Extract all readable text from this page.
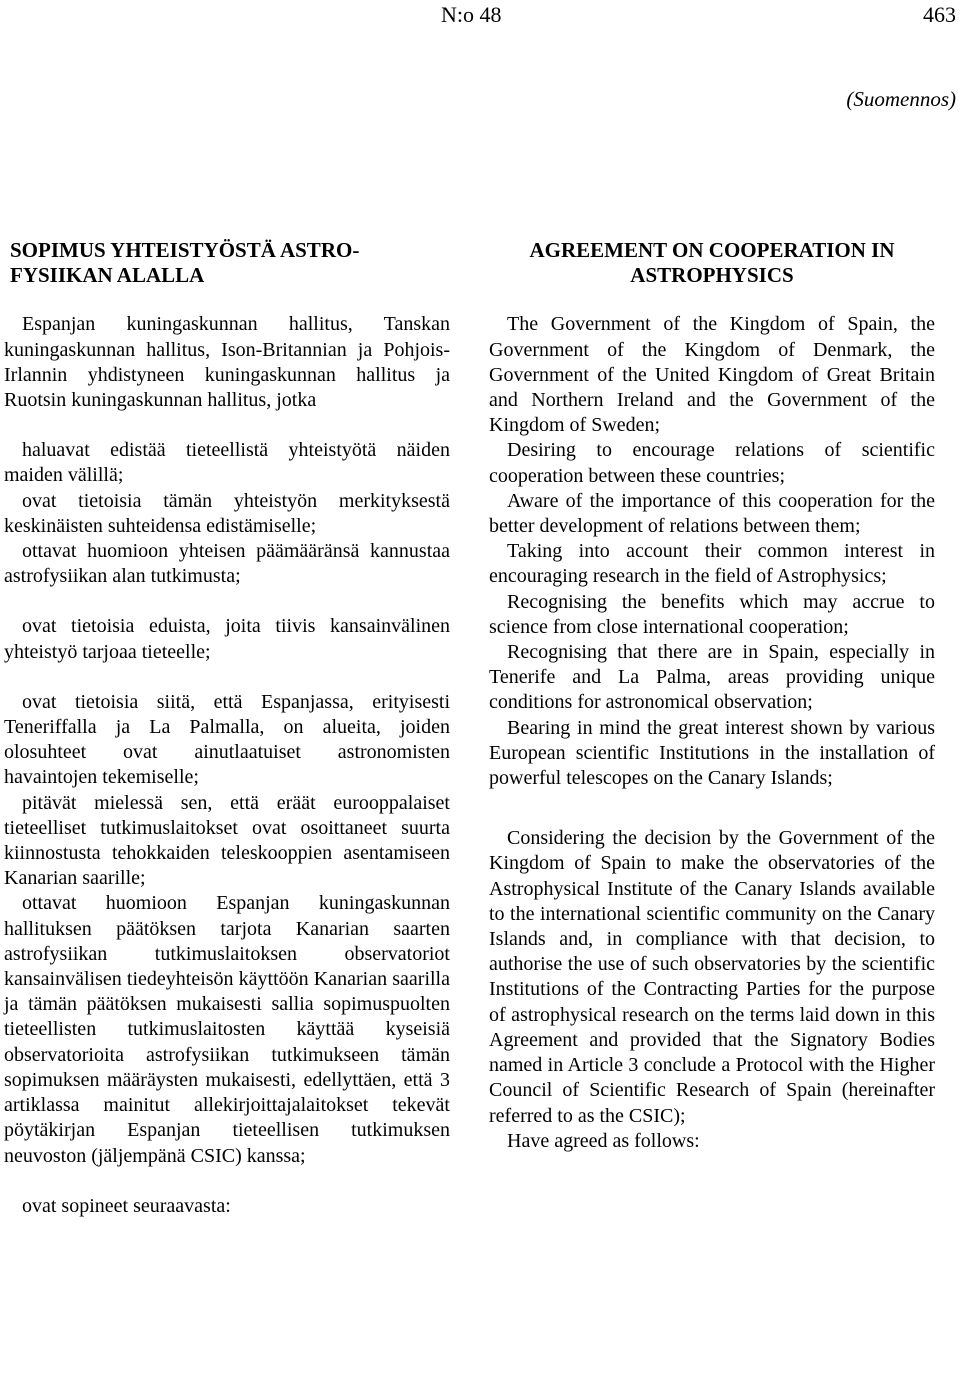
N:o 48	463
(Suomennos)
SOPIMUS YHTEISTYÖSTÄ ASTRO-FYSIIKAN ALALLA

Espanjan kuningaskunnan hallitus, Tanskan kuningaskunnan hallitus, Ison-Britannian ja Pohjois-Irlannin yhdistyneen kuningaskunnan hallitus ja Ruotsin kuningaskunnan hallitus, jotka

haluavat edistää tieteellistä yhteistyötä näiden maiden välillä;

ovat tietoisia tämän yhteistyön merkityksestä keskinäisten suhteidensa edistämiselle;

ottavat huomioon yhteisen päämääränsä kannustaa astrofysiikan alan tutkimusta;

ovat tietoisia eduista, joita tiivis kansainvälinen yhteistyö tarjoaa tieteelle;

ovat tietoisia siitä, että Espanjassa, erityisesti Teneriffalla ja La Palmalla, on alueita, joiden olosuhteet ovat ainutlaatuiset astronomisten havaintojen tekemiselle;

pitävät mielessä sen, että eräät eurooppalaiset tieteelliset tutkimuslaitokset ovat osoittaneet suurta kiinnostusta tehokkaiden teleskooppien asentamiseen Kanarian saarille;

ottavat huomioon Espanjan kuningaskunnan hallituksen päätöksen tarjota Kanarian saarten astrofysiikan tutkimuslaitoksen observatoriot kansainvälisen tiedeyhteisön käyttöön Kanarian saarilla ja tämän päätöksen mukaisesti sallia sopimuspuolten tieteellisten tutkimuslaitosten käyttää kyseisiä observatorioita astrofysiikan tutkimukseen tämän sopimuksen määräysten mukaisesti, edellyttäen, että 3 artiklassa mainitut allekirjoittajalaitokset tekevät pöytäkirjan Espanjan tieteellisen tutkimuksen neuvoston (jäljempänä CSIC) kanssa;

ovat sopineet seuraavasta:

AGREEMENT ON COOPERATION IN ASTROPHYSICS

The Government of the Kingdom of Spain, the Government of the Kingdom of Denmark, the Government of the United Kingdom of Great Britain and Northern Ireland and the Government of the Kingdom of Sweden;

Desiring to encourage relations of scientific cooperation between these countries;

Aware of the importance of this cooperation for the better development of relations between them;

Taking into account their common interest in encouraging research in the field of Astrophysics;

Recognising the benefits which may accrue to science from close international cooperation;

Recognising that there are in Spain, especially in Tenerife and La Palma, areas providing unique conditions for astronomical observation;

Bearing in mind the great interest shown by various European scientific Institutions in the installation of powerful telescopes on the Canary Islands;

Considering the decision by the Government of the Kingdom of Spain to make the observatories of the Astrophysical Institute of the Canary Islands available to the international scientific community on the Canary Islands and, in compliance with that decision, to authorise the use of such observatories by the scientific Institutions of the Contracting Parties for the purpose of astrophysical research on the terms laid down in this Agreement and provided that the Signatory Bodies named in Article 3 conclude a Protocol with the Higher Council of Scientific Research of Spain (hereinafter referred to as the CSIC);

Have agreed as follows:
